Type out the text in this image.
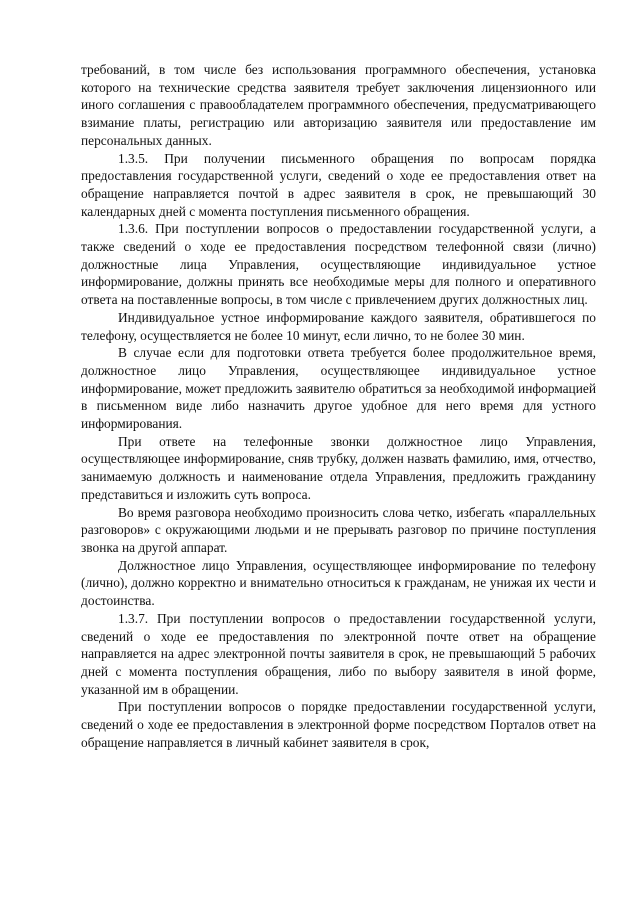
требований, в том числе без использования программного обеспечения, установка которого на технические средства заявителя требует заключения лицензионного или иного соглашения с правообладателем программного обеспечения, предусматривающего взимание платы, регистрацию или авторизацию заявителя или предоставление им персональных данных.

1.3.5. При получении письменного обращения по вопросам порядка предоставления государственной услуги, сведений о ходе ее предоставления ответ на обращение направляется почтой в адрес заявителя в срок, не превышающий 30 календарных дней с момента поступления письменного обращения.

1.3.6. При поступлении вопросов о предоставлении государственной услуги, а также сведений о ходе ее предоставления посредством телефонной связи (лично) должностные лица Управления, осуществляющие индивидуальное устное информирование, должны принять все необходимые меры для полного и оперативного ответа на поставленные вопросы, в том числе с привлечением других должностных лиц.

Индивидуальное устное информирование каждого заявителя, обратившегося по телефону, осуществляется не более 10 минут, если лично, то не более 30 мин.

В случае если для подготовки ответа требуется более продолжительное время, должностное лицо Управления, осуществляющее индивидуальное устное информирование, может предложить заявителю обратиться за необходимой информацией в письменном виде либо назначить другое удобное для него время для устного информирования.

При ответе на телефонные звонки должностное лицо Управления, осуществляющее информирование, сняв трубку, должен назвать фамилию, имя, отчество, занимаемую должность и наименование отдела Управления, предложить гражданину представиться и изложить суть вопроса.

Во время разговора необходимо произносить слова четко, избегать «параллельных разговоров» с окружающими людьми и не прерывать разговор по причине поступления звонка на другой аппарат.

Должностное лицо Управления, осуществляющее информирование по телефону (лично), должно корректно и внимательно относиться к гражданам, не унижая их чести и достоинства.

1.3.7. При поступлении вопросов о предоставлении государственной услуги, сведений о ходе ее предоставления по электронной почте ответ на обращение направляется на адрес электронной почты заявителя в срок, не превышающий 5 рабочих дней с момента поступления обращения, либо по выбору заявителя в иной форме, указанной им в обращении.

При поступлении вопросов о порядке предоставлении государственной услуги, сведений о ходе ее предоставления в электронной форме посредством Порталов ответ на обращение направляется в личный кабинет заявителя в срок,
